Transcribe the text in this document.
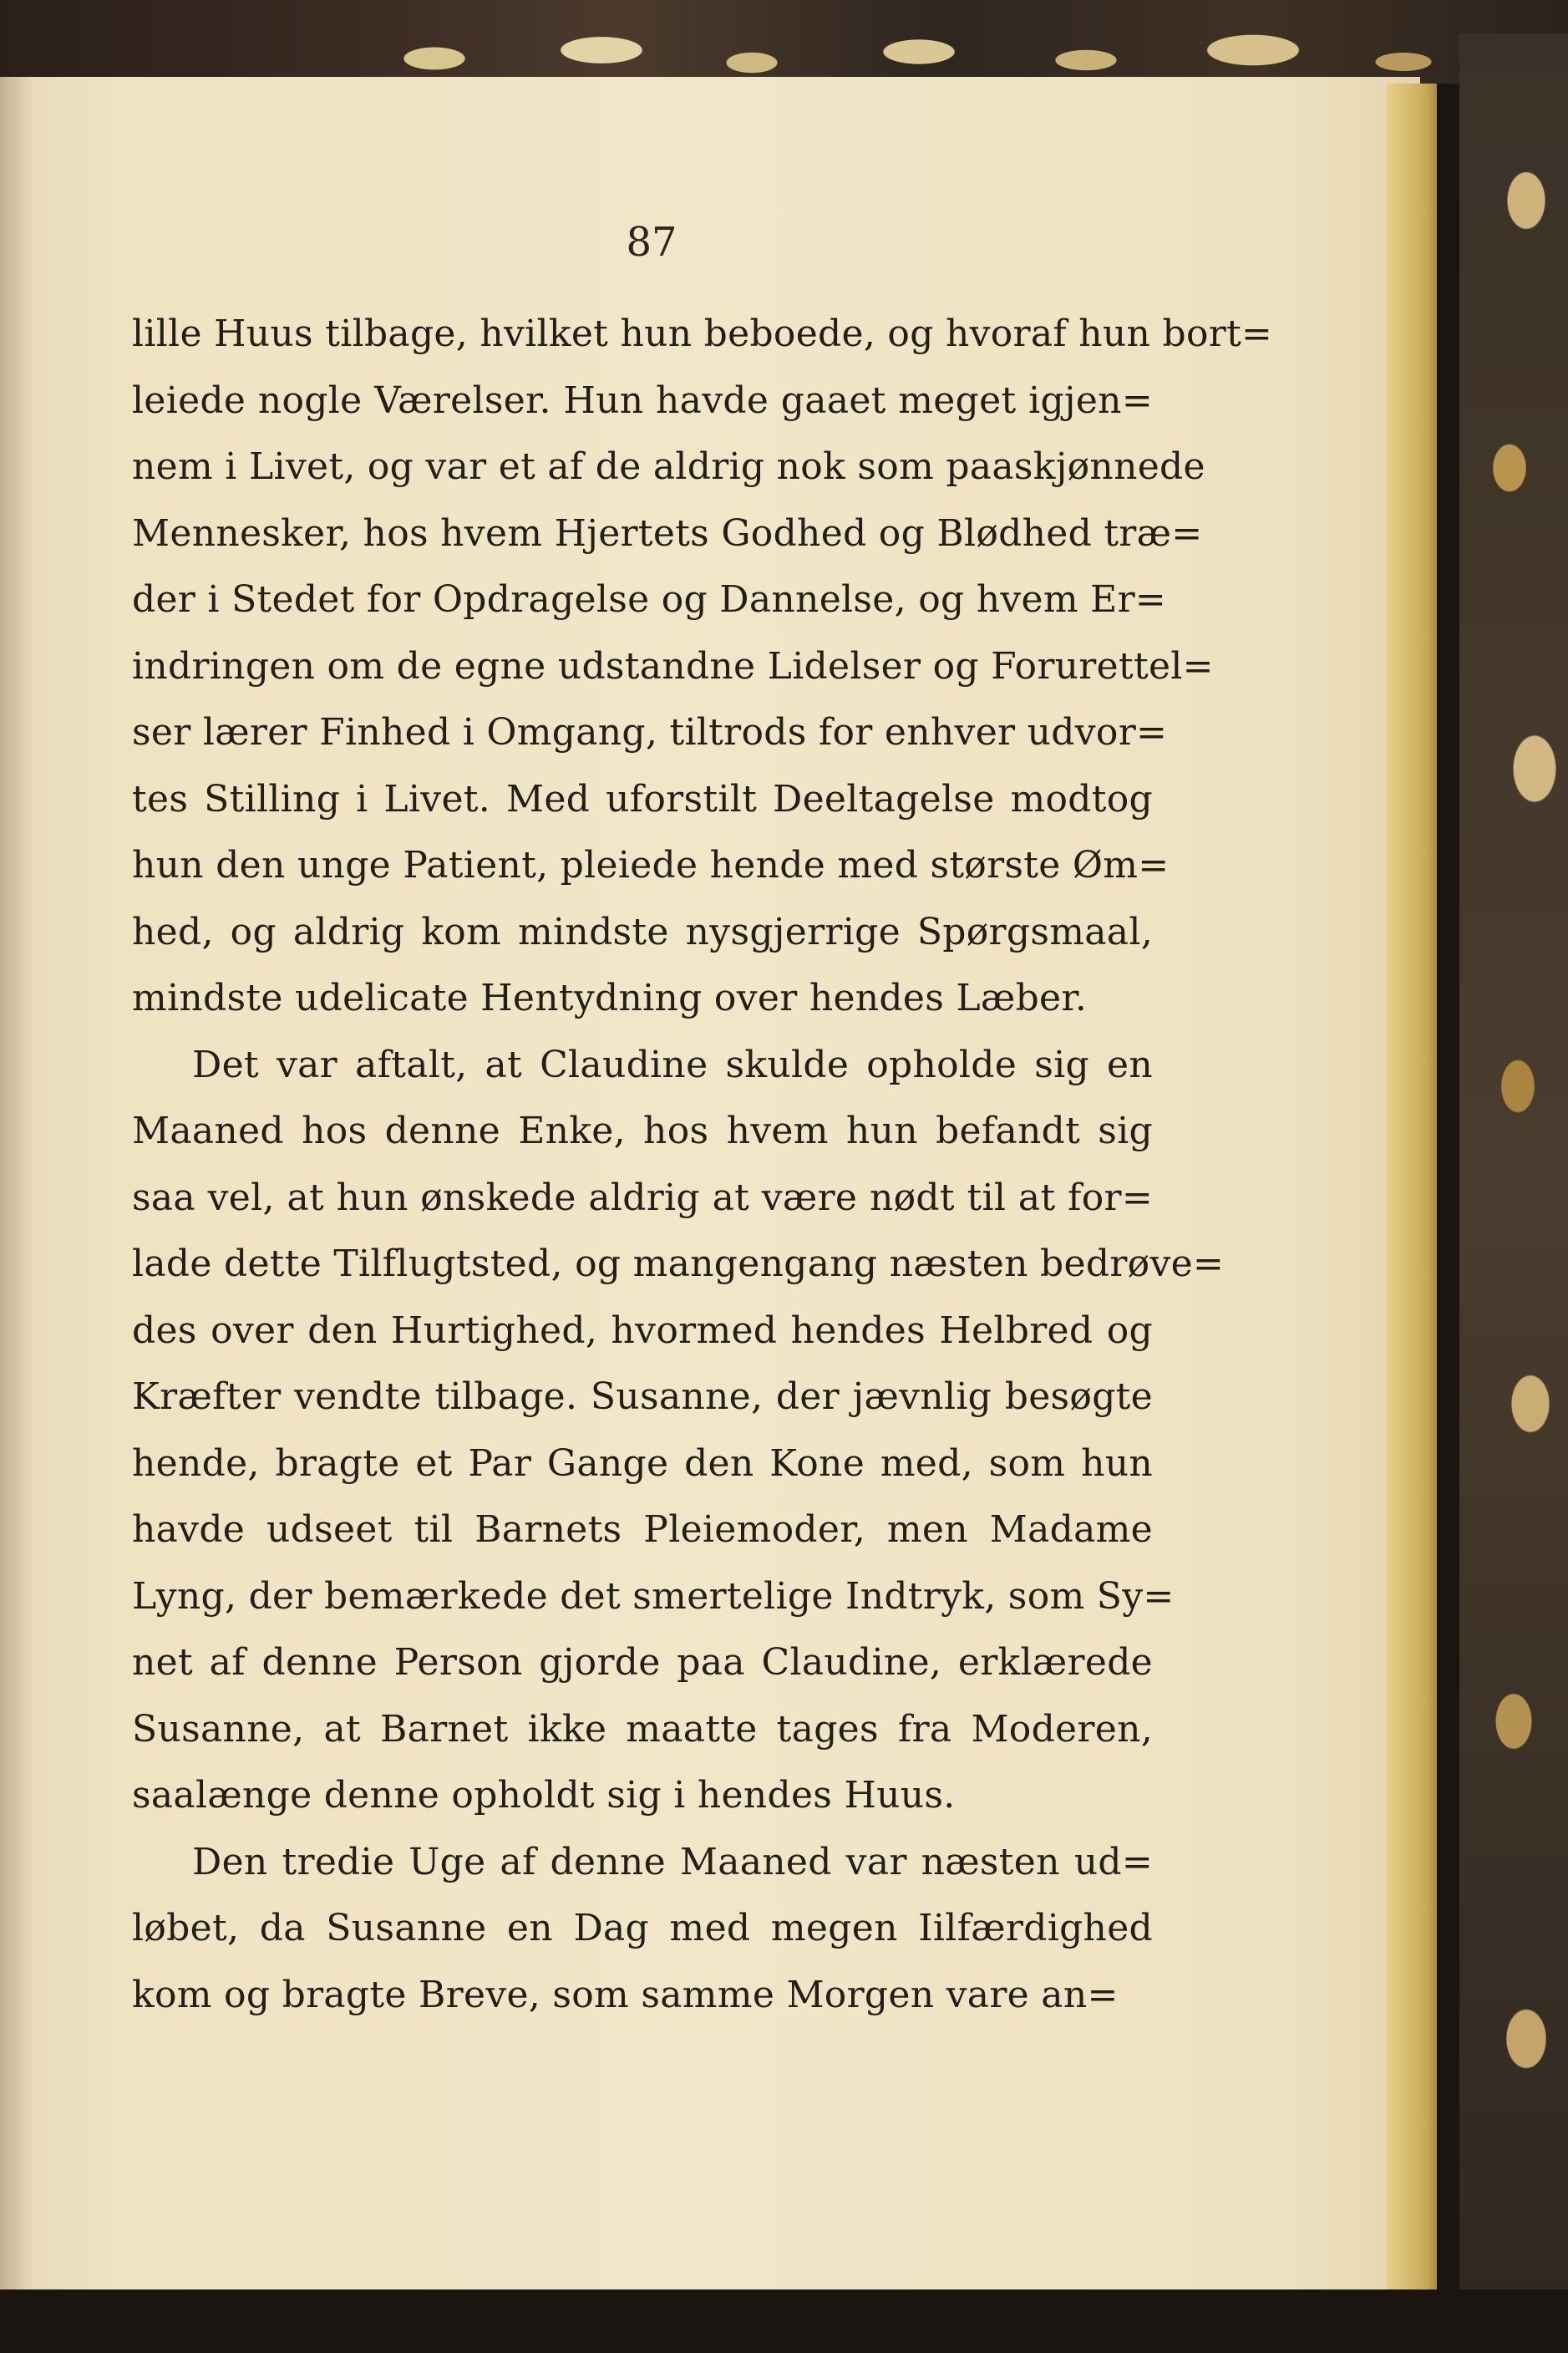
87
lille Huus tilbage, hvilket hun beboede, og hvoraf hun bort=
leiede nogle Værelser. Hun havde gaaet meget igjen=
nem i Livet, og var et af de aldrig nok som paaskjønnede
Mennesker, hos hvem Hjertets Godhed og Blødhed træ=
der i Stedet for Opdragelse og Dannelse, og hvem Er=
indringen om de egne udstandne Lidelser og Forurettel=
ser lærer Finhed i Omgang, tiltrods for enhver udvor=
tes Stilling i Livet. Med uforstilt Deeltagelse modtog
hun den unge Patient, pleiede hende med største Øm=
hed, og aldrig kom mindste nysgjerrige Spørgsmaal,
mindste udelicate Hentydning over hendes Læber.
Det var aftalt, at Claudine skulde opholde sig en
Maaned hos denne Enke, hos hvem hun befandt sig
saa vel, at hun ønskede aldrig at være nødt til at for=
lade dette Tilflugtsted, og mangengang næsten bedrøve=
des over den Hurtighed, hvormed hendes Helbred og
Kræfter vendte tilbage. Susanne, der jævnlig besøgte
hende, bragte et Par Gange den Kone med, som hun
havde udseet til Barnets Pleiemoder, men Madame
Lyng, der bemærkede det smertelige Indtryk, som Sy=
net af denne Person gjorde paa Claudine, erklærede
Susanne, at Barnet ikke maatte tages fra Moderen,
saalænge denne opholdt sig i hendes Huus.
Den tredie Uge af denne Maaned var næsten ud=
løbet, da Susanne en Dag med megen Iilfærdighed
kom og bragte Breve, som samme Morgen vare an=
